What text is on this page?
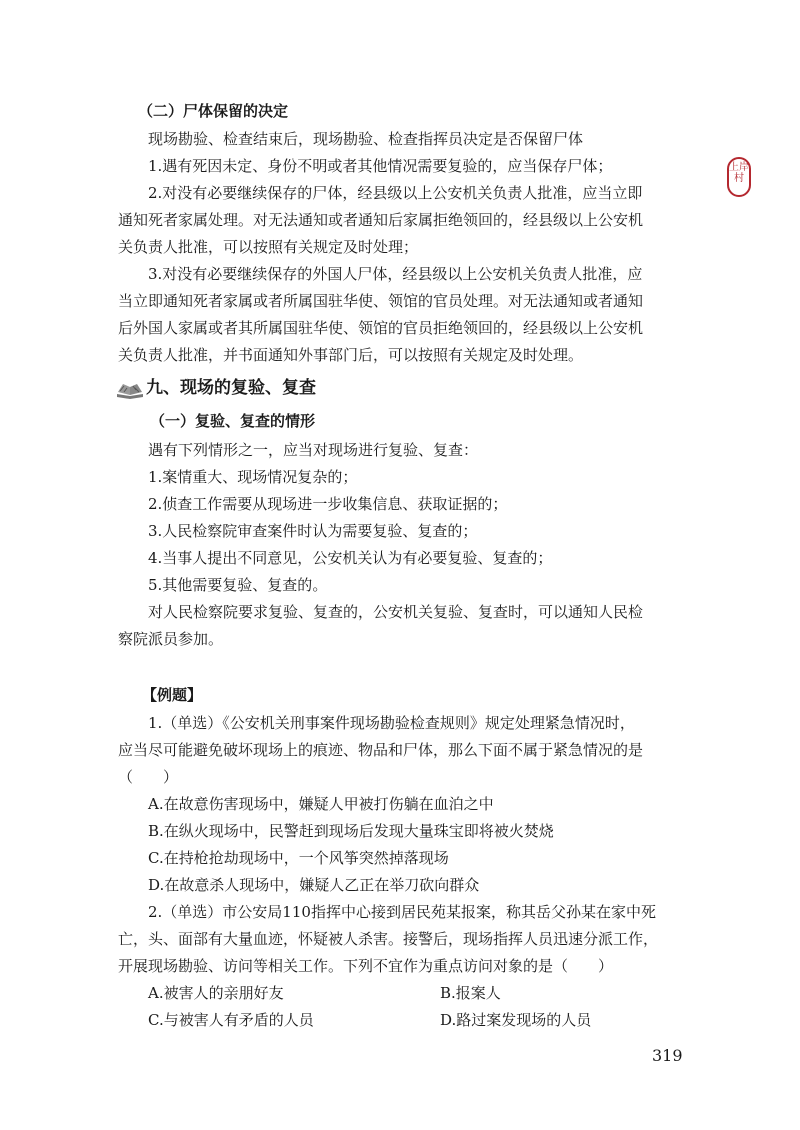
（二）尸体保留的决定
现场勘验、检查结束后，现场勘验、检查指挥员决定是否保留尸体
1.遇有死因未定、身份不明或者其他情况需要复验的，应当保存尸体；
2.对没有必要继续保存的尸体，经县级以上公安机关负责人批准，应当立即
通知死者家属处理。对无法通知或者通知后家属拒绝领回的，经县级以上公安机
关负责人批准，可以按照有关规定及时处理；
3.对没有必要继续保存的外国人尸体，经县级以上公安机关负责人批准，应
当立即通知死者家属或者所属国驻华使、领馆的官员处理。对无法通知或者通知
后外国人家属或者其所属国驻华使、领馆的官员拒绝领回的，经县级以上公安机
关负责人批准，并书面通知外事部门后，可以按照有关规定及时处理。
九、现场的复验、复查
（一）复验、复查的情形
遇有下列情形之一，应当对现场进行复验、复查：
1.案情重大、现场情况复杂的；
2.侦查工作需要从现场进一步收集信息、获取证据的；
3.人民检察院审查案件时认为需要复验、复查的；
4.当事人提出不同意见，公安机关认为有必要复验、复查的；
5.其他需要复验、复查的。
对人民检察院要求复验、复查的，公安机关复验、复查时，可以通知人民检
察院派员参加。
【例题】
1.（单选）《公安机关刑事案件现场勘验检查规则》规定处理紧急情况时，
应当尽可能避免破坏现场上的痕迹、物品和尸体，那么下面不属于紧急情况的是
（　　）
A.在故意伤害现场中，嫌疑人甲被打伤躺在血泊之中
B.在纵火现场中，民警赶到现场后发现大量珠宝即将被火焚烧
C.在持枪抢劫现场中，一个风筝突然掉落现场
D.在故意杀人现场中，嫌疑人乙正在举刀砍向群众
2.（单选）市公安局110指挥中心接到居民苑某报案，称其岳父孙某在家中死
亡，头、面部有大量血迹，怀疑被人杀害。接警后，现场指挥人员迅速分派工作，
开展现场勘验、访问等相关工作。下列不宜作为重点访问对象的是（　　）
A.被害人的亲朋好友	B.报案人
C.与被害人有矛盾的人员	D.路过案发现场的人员
上岸村
319
